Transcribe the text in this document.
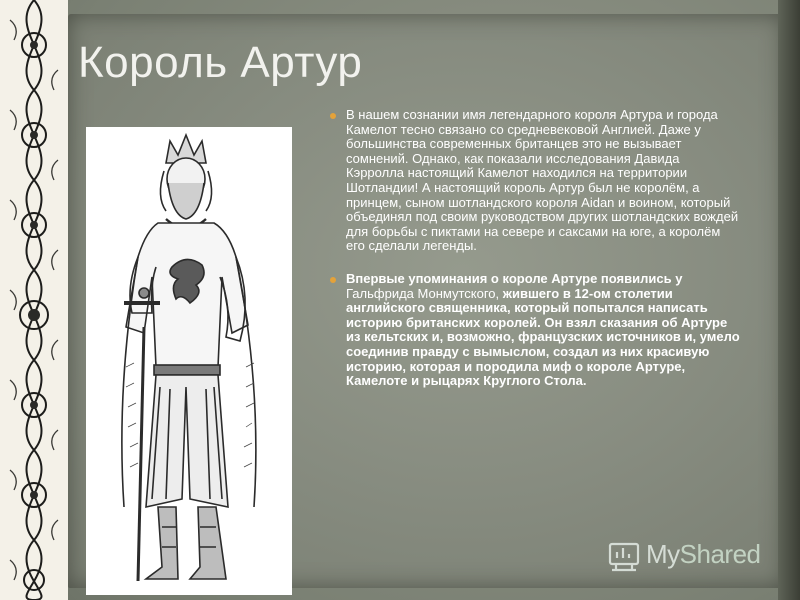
Король Артур
В нашем сознании имя легендарного короля Артура и города Камелот тесно связано со средневековой Англией. Даже у большинства современных британцев это не вызывает сомнений. Однако, как показали исследования Давида Кэрролла настоящий Камелот находился на территории Шотландии! А настоящий король Артур был не королём, а принцем, сыном шотландского короля Aidan и воином, который объединял под своим руководством других шотландских вождей для борьбы с пиктами на севере и саксами на юге, а королём его сделали легенды.
Впервые упоминания о короле Артуре появились у Гальфрида Монмутского, жившего в 12-ом столетии английского священника, который попытался написать историю британских королей. Он взял сказания об Артуре из кельтских и, возможно, французских источников и, умело соединив правду с вымыслом, создал из них красивую историю, которая и породила миф о короле Артуре, Камелоте и рыцарях Круглого Стола.
MyShared
